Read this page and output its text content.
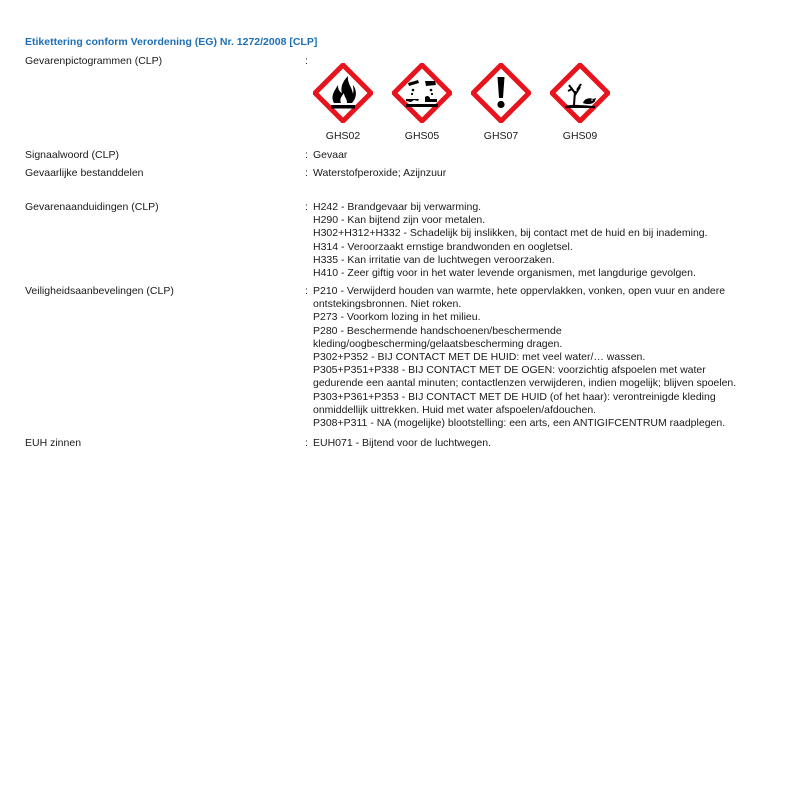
Etikettering conform Verordening (EG) Nr. 1272/2008 [CLP]
Gevarenpictogrammen (CLP)	:
GHS02	GHS05	GHS07	GHS09
Signaalwoord (CLP)	: Gevaar
Gevaarlijke bestanddelen	: Waterstofperoxide; Azijnzuur
Gevarenaanduidingen (CLP)	: H242 - Brandgevaar bij verwarming.
H290 - Kan bijtend zijn voor metalen.
H302+H312+H332 - Schadelijk bij inslikken, bij contact met de huid en bij inademing.
H314 - Veroorzaakt ernstige brandwonden en oogletsel.
H335 - Kan irritatie van de luchtwegen veroorzaken.
H410 - Zeer giftig voor in het water levende organismen, met langdurige gevolgen.
Veiligheidsaanbevelingen (CLP)	: P210 - Verwijderd houden van warmte, hete oppervlakken, vonken, open vuur en andere
ontstekingsbronnen. Niet roken.
P273 - Voorkom lozing in het milieu.
P280 - Beschermende handschoenen/beschermende
kleding/oogbescherming/gelaatsbescherming dragen.
P302+P352 - BIJ CONTACT MET DE HUID: met veel water/… wassen.
P305+P351+P338 - BIJ CONTACT MET DE OGEN: voorzichtig afspoelen met water
gedurende een aantal minuten; contactlenzen verwijderen, indien mogelijk; blijven spoelen.
P303+P361+P353 - BIJ CONTACT MET DE HUID (of het haar): verontreinigde kleding
onmiddellijk uittrekken. Huid met water afspoelen/afdouchen.
P308+P311 - NA (mogelijke) blootstelling: een arts, een ANTIGIFCENTRUM raadplegen.
EUH zinnen	: EUH071 - Bijtend voor de luchtwegen.
